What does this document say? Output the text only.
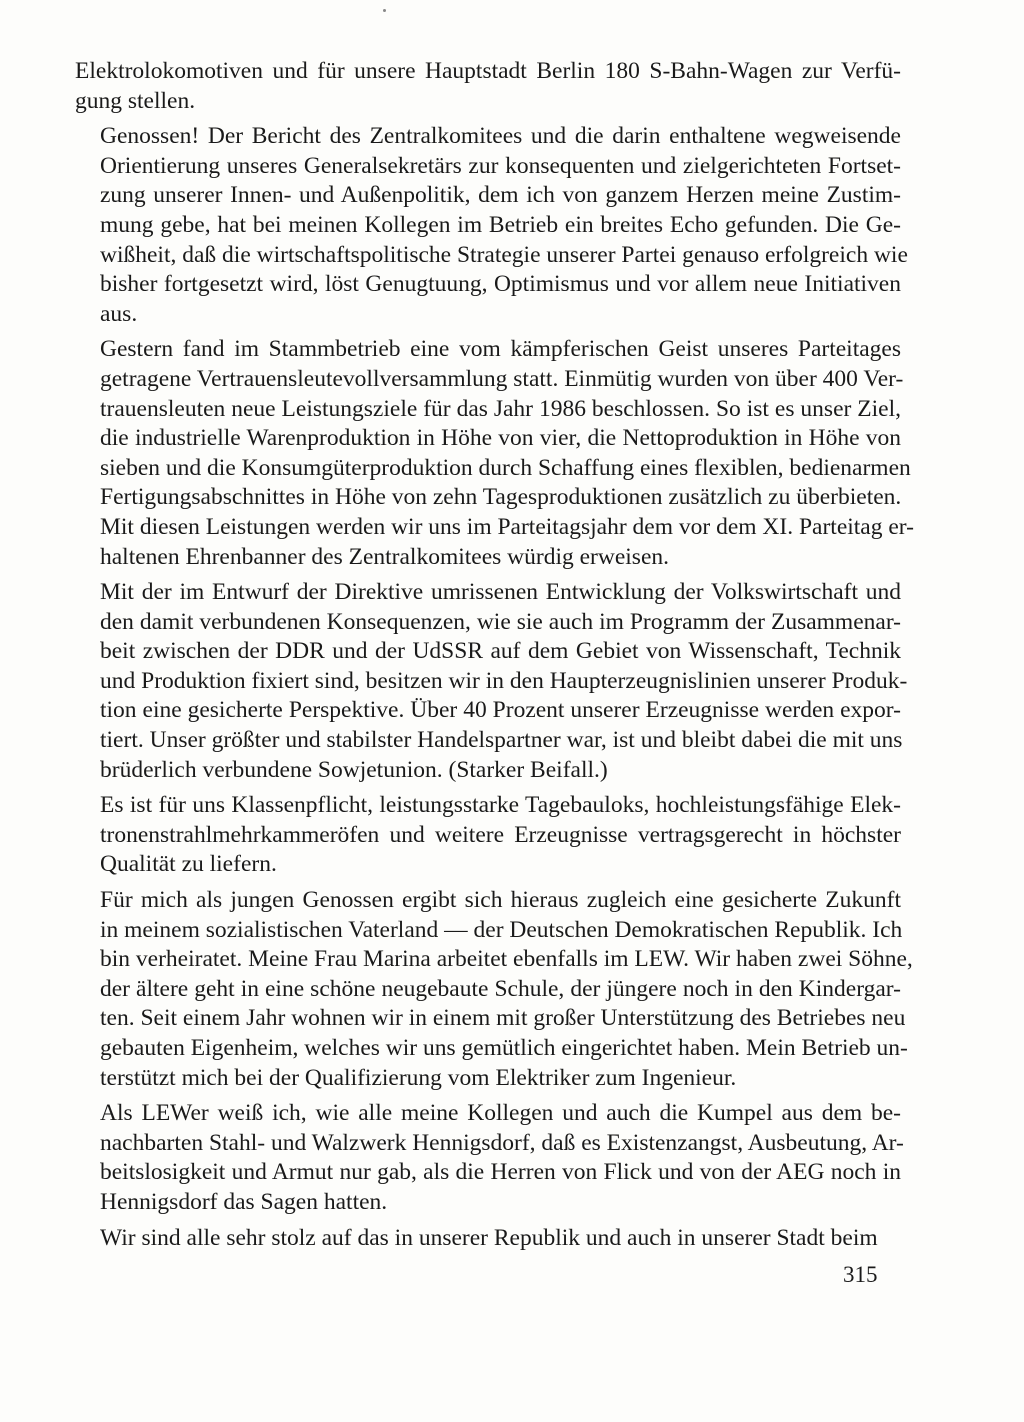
Elektrolokomotiven und für unsere Hauptstadt Berlin 180 S-Bahn-Wagen zur Verfü-
gung stellen.
Genossen! Der Bericht des Zentralkomitees und die darin enthaltene wegweisende
Orientierung unseres Generalsekretärs zur konsequenten und zielgerichteten Fortset-
zung unserer Innen- und Außenpolitik, dem ich von ganzem Herzen meine Zustim-
mung gebe, hat bei meinen Kollegen im Betrieb ein breites Echo gefunden. Die Ge-
wißheit, daß die wirtschaftspolitische Strategie unserer Partei genauso erfolgreich wie
bisher fortgesetzt wird, löst Genugtuung, Optimismus und vor allem neue Initiativen
aus.
Gestern fand im Stammbetrieb eine vom kämpferischen Geist unseres Parteitages
getragene Vertrauensleutevollversammlung statt. Einmütig wurden von über 400 Ver-
trauensleuten neue Leistungsziele für das Jahr 1986 beschlossen. So ist es unser Ziel,
die industrielle Warenproduktion in Höhe von vier, die Nettoproduktion in Höhe von
sieben und die Konsumgüterproduktion durch Schaffung eines flexiblen, bedienarmen
Fertigungsabschnittes in Höhe von zehn Tagesproduktionen zusätzlich zu überbieten.
Mit diesen Leistungen werden wir uns im Parteitagsjahr dem vor dem XI. Parteitag er-
haltenen Ehrenbanner des Zentralkomitees würdig erweisen.
Mit der im Entwurf der Direktive umrissenen Entwicklung der Volkswirtschaft und
den damit verbundenen Konsequenzen, wie sie auch im Programm der Zusammenar-
beit zwischen der DDR und der UdSSR auf dem Gebiet von Wissenschaft, Technik
und Produktion fixiert sind, besitzen wir in den Haupterzeugnislinien unserer Produk-
tion eine gesicherte Perspektive. Über 40 Prozent unserer Erzeugnisse werden expor-
tiert. Unser größter und stabilster Handelspartner war, ist und bleibt dabei die mit uns
brüderlich verbundene Sowjetunion. (Starker Beifall.)
Es ist für uns Klassenpflicht, leistungsstarke Tagebauloks, hochleistungsfähige Elek-
tronenstrahlmehrkammeröfen und weitere Erzeugnisse vertragsgerecht in höchster
Qualität zu liefern.
Für mich als jungen Genossen ergibt sich hieraus zugleich eine gesicherte Zukunft
in meinem sozialistischen Vaterland — der Deutschen Demokratischen Republik. Ich
bin verheiratet. Meine Frau Marina arbeitet ebenfalls im LEW. Wir haben zwei Söhne,
der ältere geht in eine schöne neugebaute Schule, der jüngere noch in den Kindergar-
ten. Seit einem Jahr wohnen wir in einem mit großer Unterstützung des Betriebes neu
gebauten Eigenheim, welches wir uns gemütlich eingerichtet haben. Mein Betrieb un-
terstützt mich bei der Qualifizierung vom Elektriker zum Ingenieur.
Als LEWer weiß ich, wie alle meine Kollegen und auch die Kumpel aus dem be-
nachbarten Stahl- und Walzwerk Hennigsdorf, daß es Existenzangst, Ausbeutung, Ar-
beitslosigkeit und Armut nur gab, als die Herren von Flick und von der AEG noch in
Hennigsdorf das Sagen hatten.
Wir sind alle sehr stolz auf das in unserer Republik und auch in unserer Stadt beim
315
